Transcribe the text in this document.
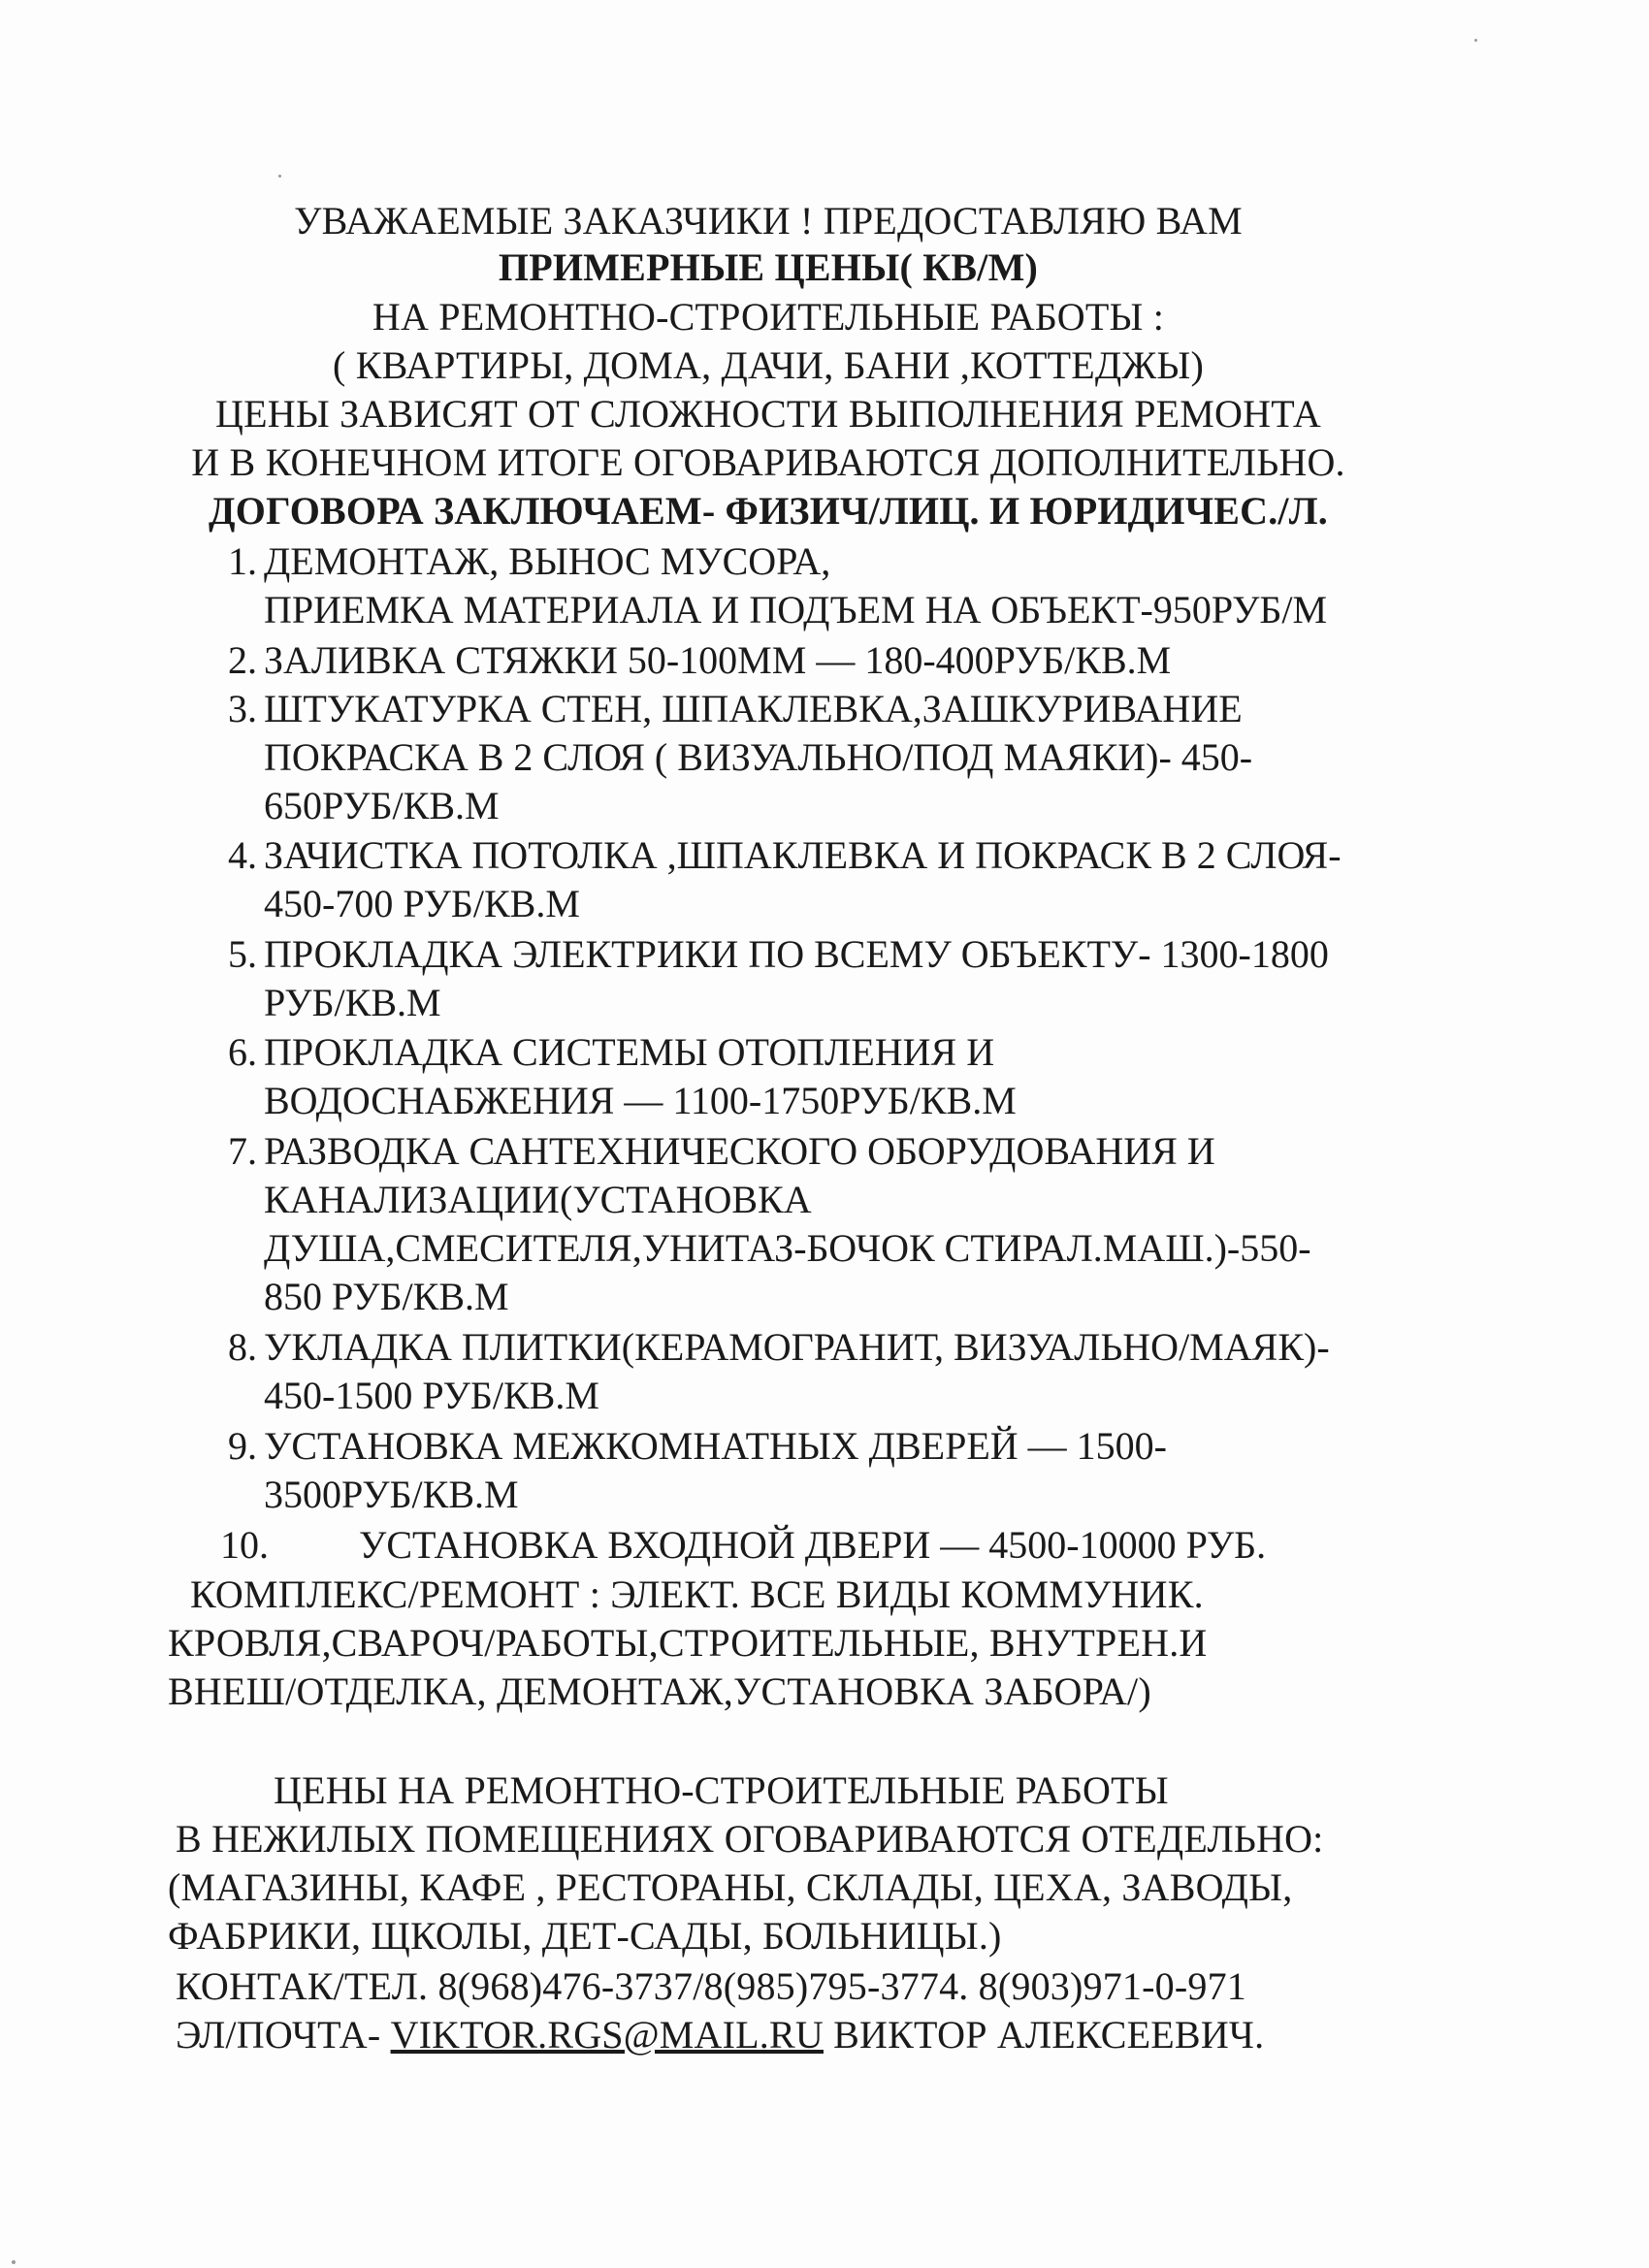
УВАЖАЕМЫЕ ЗАКАЗЧИКИ ! ПРЕДОСТАВЛЯЮ ВАМ
ПРИМЕРНЫЕ ЦЕНЫ( КВ/М)
НА РЕМОНТНО-СТРОИТЕЛЬНЫЕ РАБОТЫ :
( КВАРТИРЫ, ДОМА, ДАЧИ, БАНИ ,КОТТЕДЖЫ)
ЦЕНЫ ЗАВИСЯТ ОТ СЛОЖНОСТИ ВЫПОЛНЕНИЯ РЕМОНТА
И В КОНЕЧНОМ ИТОГЕ ОГОВАРИВАЮТСЯ ДОПОЛНИТЕЛЬНО.
ДОГОВОРА ЗАКЛЮЧАЕМ- ФИЗИЧ/ЛИЦ. И ЮРИДИЧЕС./Л.
1. ДЕМОНТАЖ, ВЫНОС МУСОРА,
ПРИЕМКА МАТЕРИАЛА И ПОДЪЕМ НА ОБЪЕКТ-950РУБ/М
2. ЗАЛИВКА СТЯЖКИ 50-100ММ — 180-400РУБ/КВ.М
3. ШТУКАТУРКА СТЕН, ШПАКЛЕВКА,ЗАШКУРИВАНИЕ
ПОКРАСКА В 2 СЛОЯ ( ВИЗУАЛЬНО/ПОД МАЯКИ)- 450-
650РУБ/КВ.М
4. ЗАЧИСТКА ПОТОЛКА ,ШПАКЛЕВКА И ПОКРАСК В 2 СЛОЯ-
450-700 РУБ/КВ.М
5. ПРОКЛАДКА ЭЛЕКТРИКИ ПО ВСЕМУ ОБЪЕКТУ- 1300-1800
РУБ/КВ.М
6. ПРОКЛАДКА СИСТЕМЫ ОТОПЛЕНИЯ И
ВОДОСНАБЖЕНИЯ — 1100-1750РУБ/КВ.М
7. РАЗВОДКА САНТЕХНИЧЕСКОГО ОБОРУДОВАНИЯ И
КАНАЛИЗАЦИИ(УСТАНОВКА
ДУША,СМЕСИТЕЛЯ,УНИТАЗ-БОЧОК СТИРАЛ.МАШ.)-550-
850 РУБ/КВ.М
8. УКЛАДКА ПЛИТКИ(КЕРАМОГРАНИТ, ВИЗУАЛЬНО/МАЯК)-
450-1500 РУБ/КВ.М
9. УСТАНОВКА МЕЖКОМНАТНЫХ ДВЕРЕЙ — 1500-
3500РУБ/КВ.М
10. УСТАНОВКА ВХОДНОЙ ДВЕРИ — 4500-10000 РУБ.
КОМПЛЕКС/РЕМОНТ : ЭЛЕКТ. ВСЕ ВИДЫ КОММУНИК.
КРОВЛЯ,СВАРОЧ/РАБОТЫ,СТРОИТЕЛЬНЫЕ, ВНУТРЕН.И
ВНЕШ/ОТДЕЛКА, ДЕМОНТАЖ,УСТАНОВКА ЗАБОРА/)
ЦЕНЫ НА РЕМОНТНО-СТРОИТЕЛЬНЫЕ РАБОТЫ
В НЕЖИЛЫХ ПОМЕЩЕНИЯХ ОГОВАРИВАЮТСЯ ОТЕДЕЛЬНО:
(МАГАЗИНЫ, КАФЕ , РЕСТОРАНЫ, СКЛАДЫ, ЦЕХА, ЗАВОДЫ,
ФАБРИКИ, ЩКОЛЫ, ДЕТ-САДЫ, БОЛЬНИЦЫ.)
КОНТАК/ТЕЛ. 8(968)476-3737/8(985)795-3774. 8(903)971-0-971
ЭЛ/ПОЧТА- VIKTOR.RGS@MAIL.RU ВИКТОР АЛЕКСЕЕВИЧ.
